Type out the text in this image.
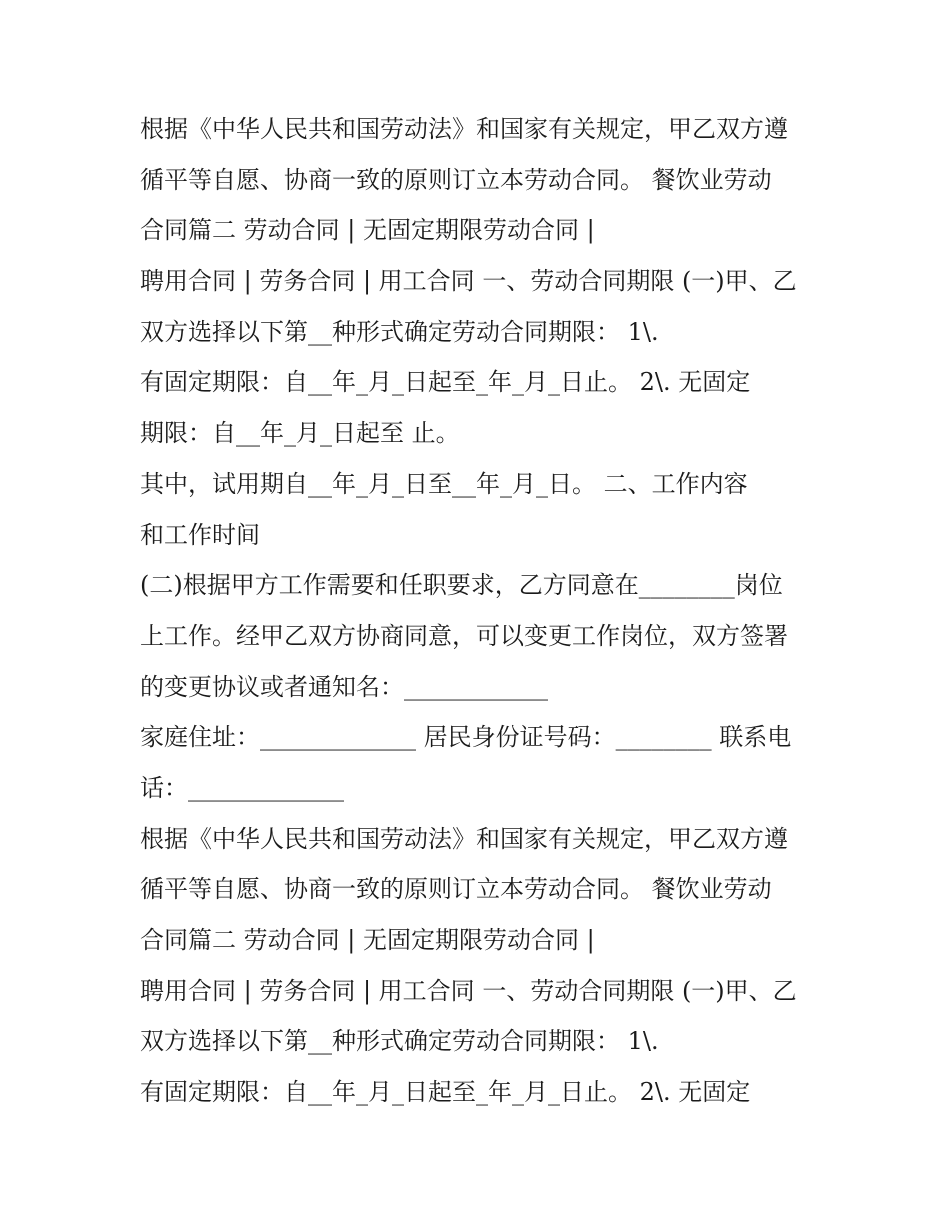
根据《中华人民共和国劳动法》和国家有关规定，甲乙双方遵
循平等自愿、协商一致的原则订立本劳动合同。 餐饮业劳动
合同篇二 劳动合同 | 无固定期限劳动合同 |
聘用合同 | 劳务合同 | 用工合同 一、劳动合同期限 (一)甲、乙
双方选择以下第__种形式确定劳动合同期限： 1\.
有固定期限：自__年_月_日起至_年_月_日止。 2\. 无固定
期限：自__年_月_日起至 止。
其中，试用期自__年_月_日至__年_月_日。 二、工作内容
和工作时间
(二)根据甲方工作需要和任职要求，乙方同意在________岗位
上工作。经甲乙双方协商同意，可以变更工作岗位，双方签署
的变更协议或者通知名：____________
家庭住址：_____________ 居民身份证号码：________ 联系电
话：_____________
根据《中华人民共和国劳动法》和国家有关规定，甲乙双方遵
循平等自愿、协商一致的原则订立本劳动合同。 餐饮业劳动
合同篇二 劳动合同 | 无固定期限劳动合同 |
聘用合同 | 劳务合同 | 用工合同 一、劳动合同期限 (一)甲、乙
双方选择以下第__种形式确定劳动合同期限： 1\.
有固定期限：自__年_月_日起至_年_月_日止。 2\. 无固定
